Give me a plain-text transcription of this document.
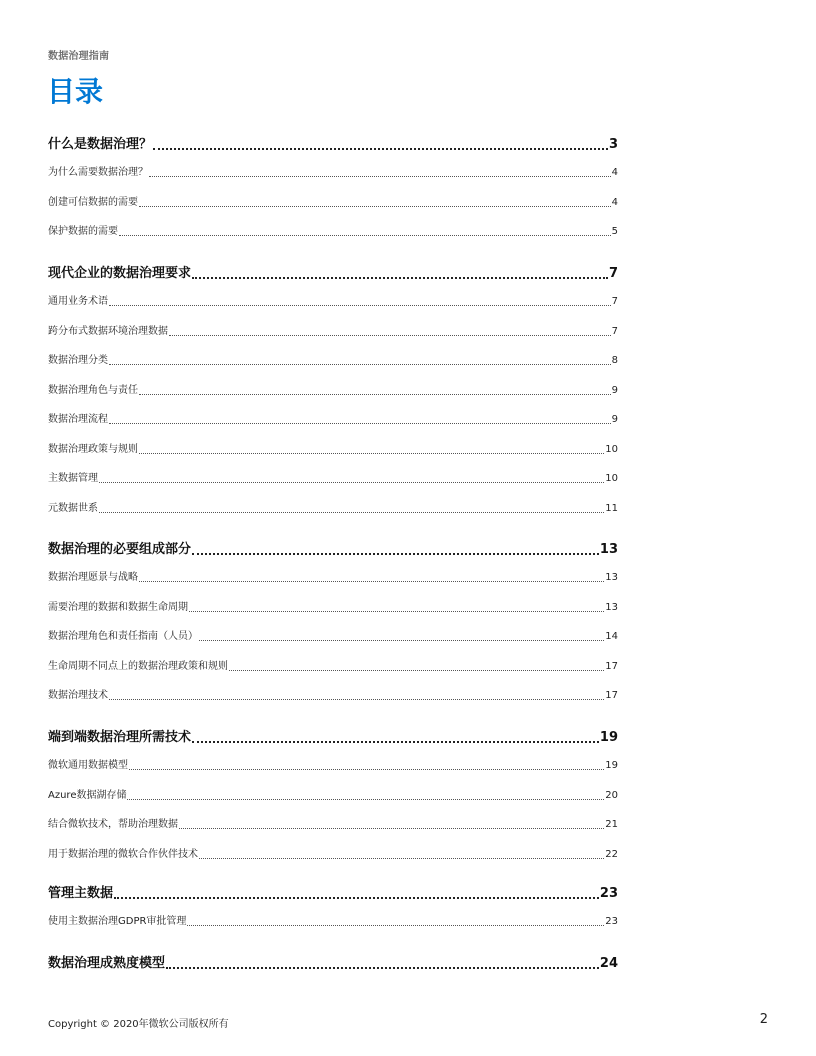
数据治理指南
目录
什么是数据治理？	3
为什么需要数据治理？	4
创建可信数据的需要	4
保护数据的需要	5
现代企业的数据治理要求	7
通用业务术语	7
跨分布式数据环境治理数据	7
数据治理分类	8
数据治理角色与责任	9
数据治理流程	9
数据治理政策与规则	10
主数据管理	10
元数据世系	11
数据治理的必要组成部分	13
数据治理愿景与战略	13
需要治理的数据和数据生命周期	13
数据治理角色和责任指南（人员）	14
生命周期不同点上的数据治理政策和规则	17
数据治理技术	17
端到端数据治理所需技术	19
微软通用数据模型	19
Azure数据湖存储	20
结合微软技术，帮助治理数据	21
用于数据治理的微软合作伙伴技术	22
管理主数据	23
使用主数据治理GDPR审批管理	23
数据治理成熟度模型	24
Copyright © 2020年微软公司版权所有	2
